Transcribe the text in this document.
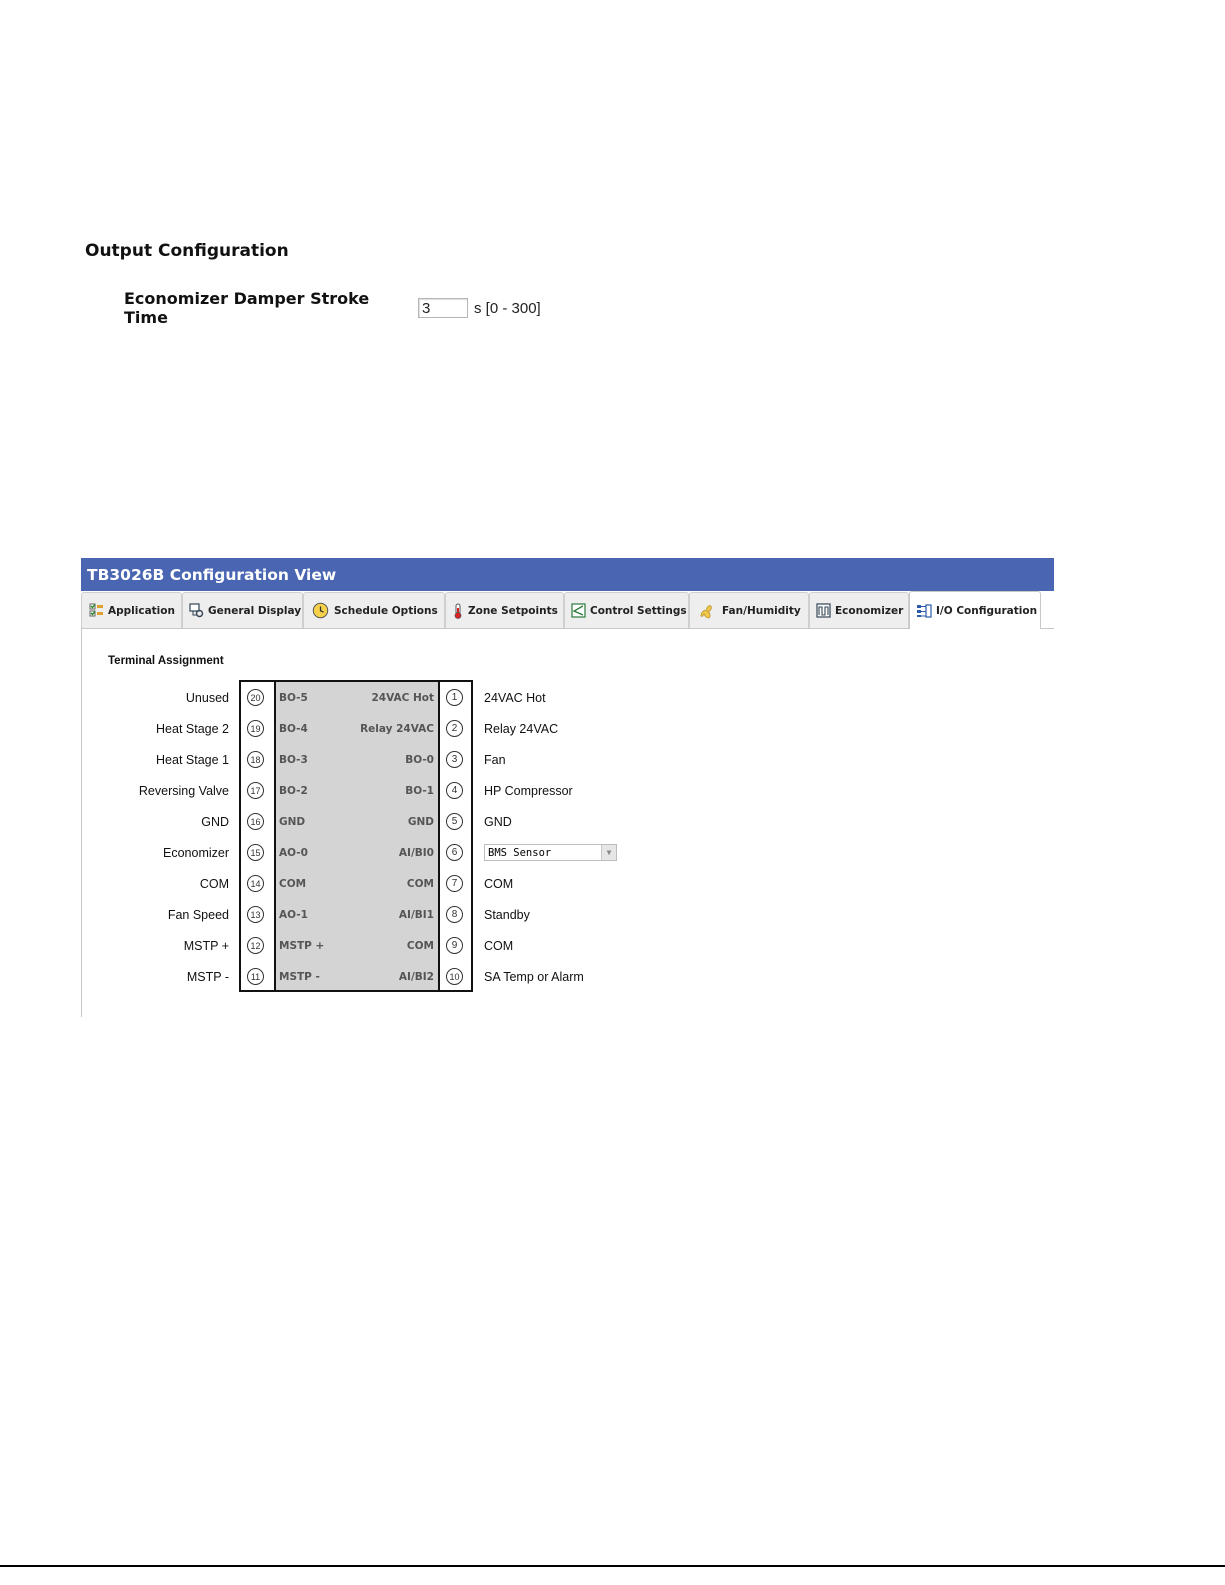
Output Configuration
Economizer Damper Stroke Time	3	s [0 - 300]
TB3026B Configuration View
Application	General Display	Schedule Options	Zone Setpoints	Control Settings	Fan/Humidity	Economizer	I/O Configuration
Terminal Assignment
Unused	20	BO-5	24VAC Hot	1	24VAC Hot
Heat Stage 2	19	BO-4	Relay 24VAC	2	Relay 24VAC
Heat Stage 1	18	BO-3	BO-0	3	Fan
Reversing Valve	17	BO-2	BO-1	4	HP Compressor
GND	16	GND	GND	5	GND
Economizer	15	AO-0	AI/BI0	6	BMS Sensor	▼
COM	14	COM	COM	7	COM
Fan Speed	13	AO-1	AI/BI1	8	Standby
MSTP +	12	MSTP +	COM	9	COM
MSTP -	11	MSTP -	AI/BI2	10 SA Temp or Alarm
